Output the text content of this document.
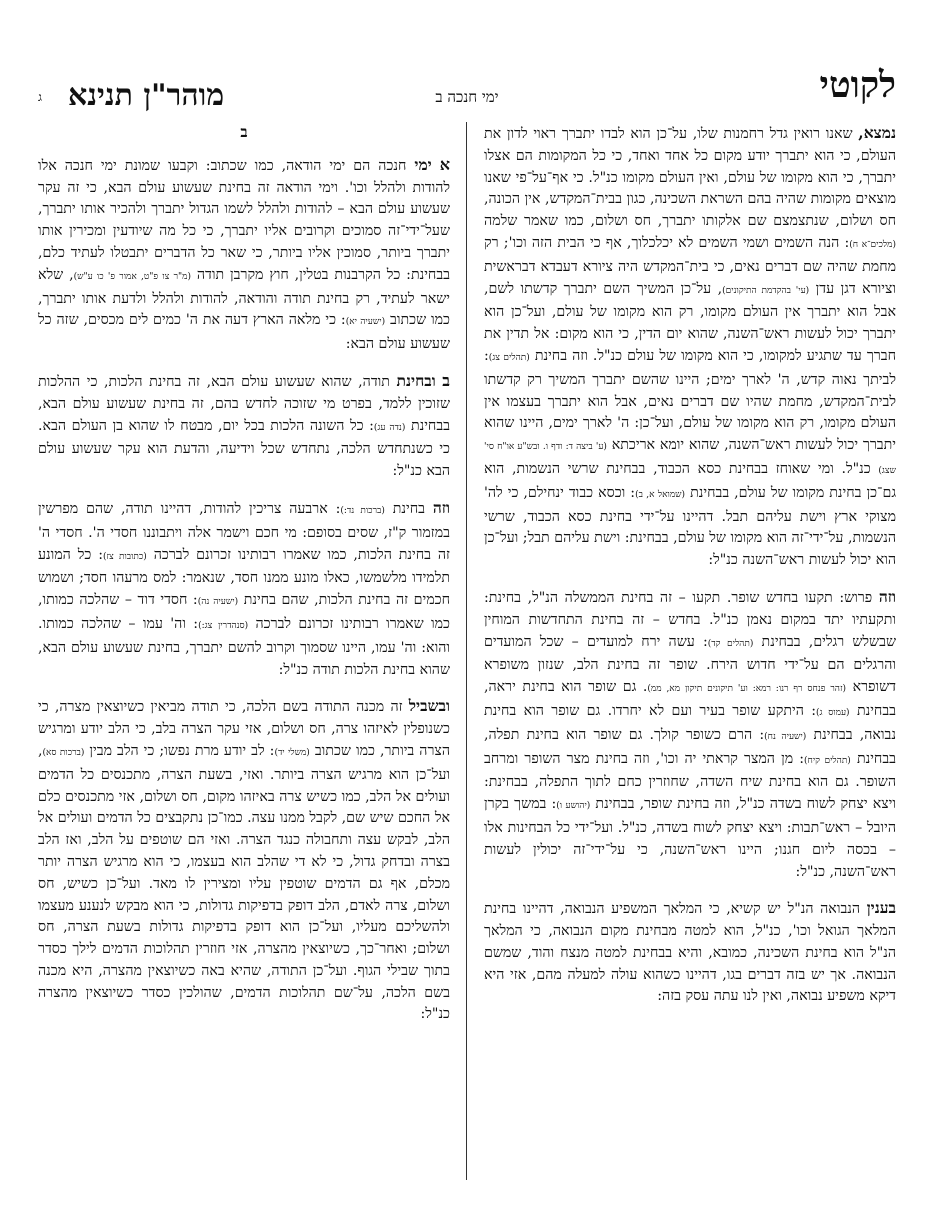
לקוטי
ימי חנכה ב
מוהר"ן תנינא
ג

נמצא, שאנו רואין גדל רחמנות שלו, על־כן הוא לבדו יתברך ראוי לדון את העולם, כי הוא יתברך יודע מקום כל אחד ואחד, כי כל המקומות הם אצלו יתברך, כי הוא מקומו של עולם, ואין העולם מקומו כנ"ל. כי אף־על־פי שאנו מוצאים מקומות שהיה בהם השראת השכינה, כגון בבית־המקדש, אין הכונה, חס ושלום, שנתצמצם שם אלקותו יתברך, חס ושלום, כמו שאמר שלמה (מלכים־א ח): הנה השמים ושמי השמים לא יכלכלוך, אף כי הבית הזה וכו'; רק מחמת שהיה שם דברים נאים, כי בית־המקדש היה ציורא דעבדא דבראשית וציורא דגן עדן (עי' בהקדמת התיקונים), על־כן המשיך השם יתברך קדשתו לשם, אבל הוא יתברך אין העולם מקומו, רק הוא מקומו של עולם, ועל־כן הוא יתברך יכול לעשות ראש־השנה, שהוא יום הדין, כי הוא מקום: אל תדין את חברך עד שתגיע למקומו, כי הוא מקומו של עולם כנ"ל. וזה בחינת (תהלים צג): לביתך נאוה קדש, ה' לארך ימים; היינו שהשם יתברך המשיך רק קדשתו לבית־המקדש, מחמת שהיו שם דברים נאים, אבל הוא יתברך בעצמו אין העולם מקומו, רק הוא מקומו של עולם, ועל־כן: ה' לארך ימים, היינו שהוא יתברך יכול לעשות ראש־השנה, שהוא יומא אריכתא (ע' ביצה ד: ודף ו. ובש"ע או"ח סי' שצג) כנ"ל. ומי שאוחז בבחינת כסא הכבוד, בבחינת שרשי הנשמות, הוא גם־כן בחינת מקומו של עולם, בבחינת (שמואל א, ב): וכסא כבוד ינחילם, כי לה' מצוקי ארץ וישת עליהם תבל. דהיינו על־ידי בחינת כסא הכבוד, שרשי הנשמות, על־ידי־זה הוא מקומו של עולם, בבחינת: וישת עליהם תבל; ועל־כן הוא יכול לעשות ראש־השנה כנ"ל:

וזה פרוש: תקעו בחדש שופר. תקעו – זה בחינת הממשלה הנ"ל, בחינת: ותקעתיו יתד במקום נאמן כנ"ל. בחדש – זה בחינת התחדשות המוחין שבשלש רגלים, בבחינת (תהלים קד): עשה ירח למועדים – שכל המועדים והרגלים הם על־ידי חדוש הירח. שופר זה בחינת הלב, שנזון משופרא דשופרא (זהר פנחס רף רנו: רמא: וע' תיקונים תיקון מא, ממ). גם שופר הוא בחינת יראה, בבחינת (עמוס ג): היתקע שופר בעיר ועם לא יחרדו. גם שופר הוא בחינת נבואה, בבחינת (ישעיה נח): הרם כשופר קולך. גם שופר הוא בחינת תפלה, בבחינת (תהלים קיח): מן המצר קראתי יה וכו', וזה בחינת מצר השופר ומרחב השופר. גם הוא בחינת שיח השדה, שחוזרין כחם לתוך התפלה, בבחינת: ויצא יצחק לשוח בשדה כנ"ל, וזה בחינת שופר, בבחינת (יהושע ו): במשך בקרן היובל – ראש־תבות: ויצא יצחק לשוח בשדה, כנ"ל. ועל־ידי כל הבחינות אלו – בכסה ליום חגנו; היינו ראש־השנה, כי על־ידי־זה יכולין לעשות ראש־השנה, כנ"ל:

בענין הנבואה הנ"ל יש קשיא, כי המלאך המשפיע הנבואה, דהיינו בחינת המלאך הגואל וכו', כנ"ל, הוא למטה מבחינת מקום הנבואה, כי המלאך הנ"ל הוא בחינת השכינה, כמובא, והיא בבחינת למטה מנצח והוד, שמשם הנבואה. אך יש בזה דברים בגו, דהיינו כשהוא עולה למעלה מהם, אזי היא דיקא משפיע נבואה, ואין לנו עתה עסק בזה:

ב

א ימי חנכה הם ימי הודאה, כמו שכתוב: וקבעו שמונת ימי חנכה אלו להודות ולהלל וכו'. וימי הודאה זה בחינת שעשוע עולם הבא, כי זה עקר שעשוע עולם הבא – להודות ולהלל לשמו הגדול יתברך ולהכיר אותו יתברך, שעל־ידי־זה סמוכים וקרובים אליו יתברך, כי כל מה שיודעין ומכירין אותו יתברך ביותר, סמוכין אליו ביותר, כי שאר כל הדברים יתבטלו לעתיד כלם, בבחינת: כל הקרבנות בטלין, חוץ מקרבן תודה (מ"ר צו פ"ט, אמור פ' כו ע"ש), שלא ישאר לעתיד, רק בחינת תודה והודאה, להודות ולהלל ולדעת אותו יתברך, כמו שכתוב (ישעיה יא): כי מלאה הארץ דעה את ה' כמים לים מכסים, שזה כל שעשוע עולם הבא:

ב ובחינת תודה, שהוא שעשוע עולם הבא, זה בחינת הלכות, כי ההלכות שזוכין ללמד, בפרט מי שזוכה לחדש בהם, זה בחינת שעשוע עולם הבא, בבחינת (נדה עג): כל השונה הלכות בכל יום, מבטח לו שהוא בן העולם הבא. כי כשנתחדש הלכה, נתחדש שכל וידיעה, והדעת הוא עקר שעשוע עולם הבא כנ"ל:

וזה בחינת (ברכות נד:): ארבעה צריכין להודות, דהיינו תודה, שהם מפרשין במזמור ק"ז, שסים בסופם: מי חכם וישמר אלה ויתבוננו חסדי ה'. חסדי ה' זה בחינת הלכות, כמו שאמרו רבותינו זכרונם לברכה (כתובות צז): כל המונע תלמידו מלשמשו, כאלו מונע ממנו חסד, שנאמר: למס מרעהו חסד; ושמוש חכמים זה בחינת הלכות, שהם בחינת (ישעיה נה): חסדי דוד – שהלכה כמותו, כמו שאמרו רבותינו זכרונם לברכה (סנהדרין צג:): וה' עמו – שהלכה כמותו. והוא: וה' עמו, היינו שסמוך וקרוב להשם יתברך, בחינת שעשוע עולם הבא, שהוא בחינת הלכות תודה כנ"ל:

ובשביל זה מכנה התודה בשם הלכה, כי תודה מביאין כשיוצאין מצרה, כי כשנופלין לאיזהו צרה, חס ושלום, אזי עקר הצרה בלב, כי הלב יודע ומרגיש הצרה ביותר, כמו שכתוב (משלי יד): לב יודע מרת נפשו; כי הלב מבין (ברכות סא), ועל־כן הוא מרגיש הצרה ביותר. ואזי, בשעת הצרה, מתכנסים כל הדמים ועולים אל הלב, כמו כשיש צרה באיזהו מקום, חס ושלום, אזי מתכנסים כלם אל החכם שיש שם, לקבל ממנו עצה. כמו־כן נתקבצים כל הדמים ועולים אל הלב, לבקש עצה ותחבולה כנגד הצרה. ואזי הם שוטפים על הלב, ואז הלב בצרה ובדחק גדול, כי לא די שהלב הוא בעצמו, כי הוא מרגיש הצרה יותר מכלם, אף גם הדמים שוטפין עליו ומצירין לו מאד. ועל־כן כשיש, חס ושלום, צרה לאדם, הלב דופק בדפיקות גדולות, כי הוא מבקש לנענע מעצמו ולהשליכם מעליו, ועל־כן הוא דופק בדפיקות גדולות בשעת הצרה, חס ושלום; ואחר־כך, כשיוצאין מהצרה, אזי חוזרין תהלוכות הדמים לילך כסדר בתוך שבילי הגוף. ועל־כן התודה, שהיא באה כשיוצאין מהצרה, היא מכנה בשם הלכה, על־שם תהלוכות הדמים, שהולכין כסדר כשיוצאין מהצרה כנ"ל:
